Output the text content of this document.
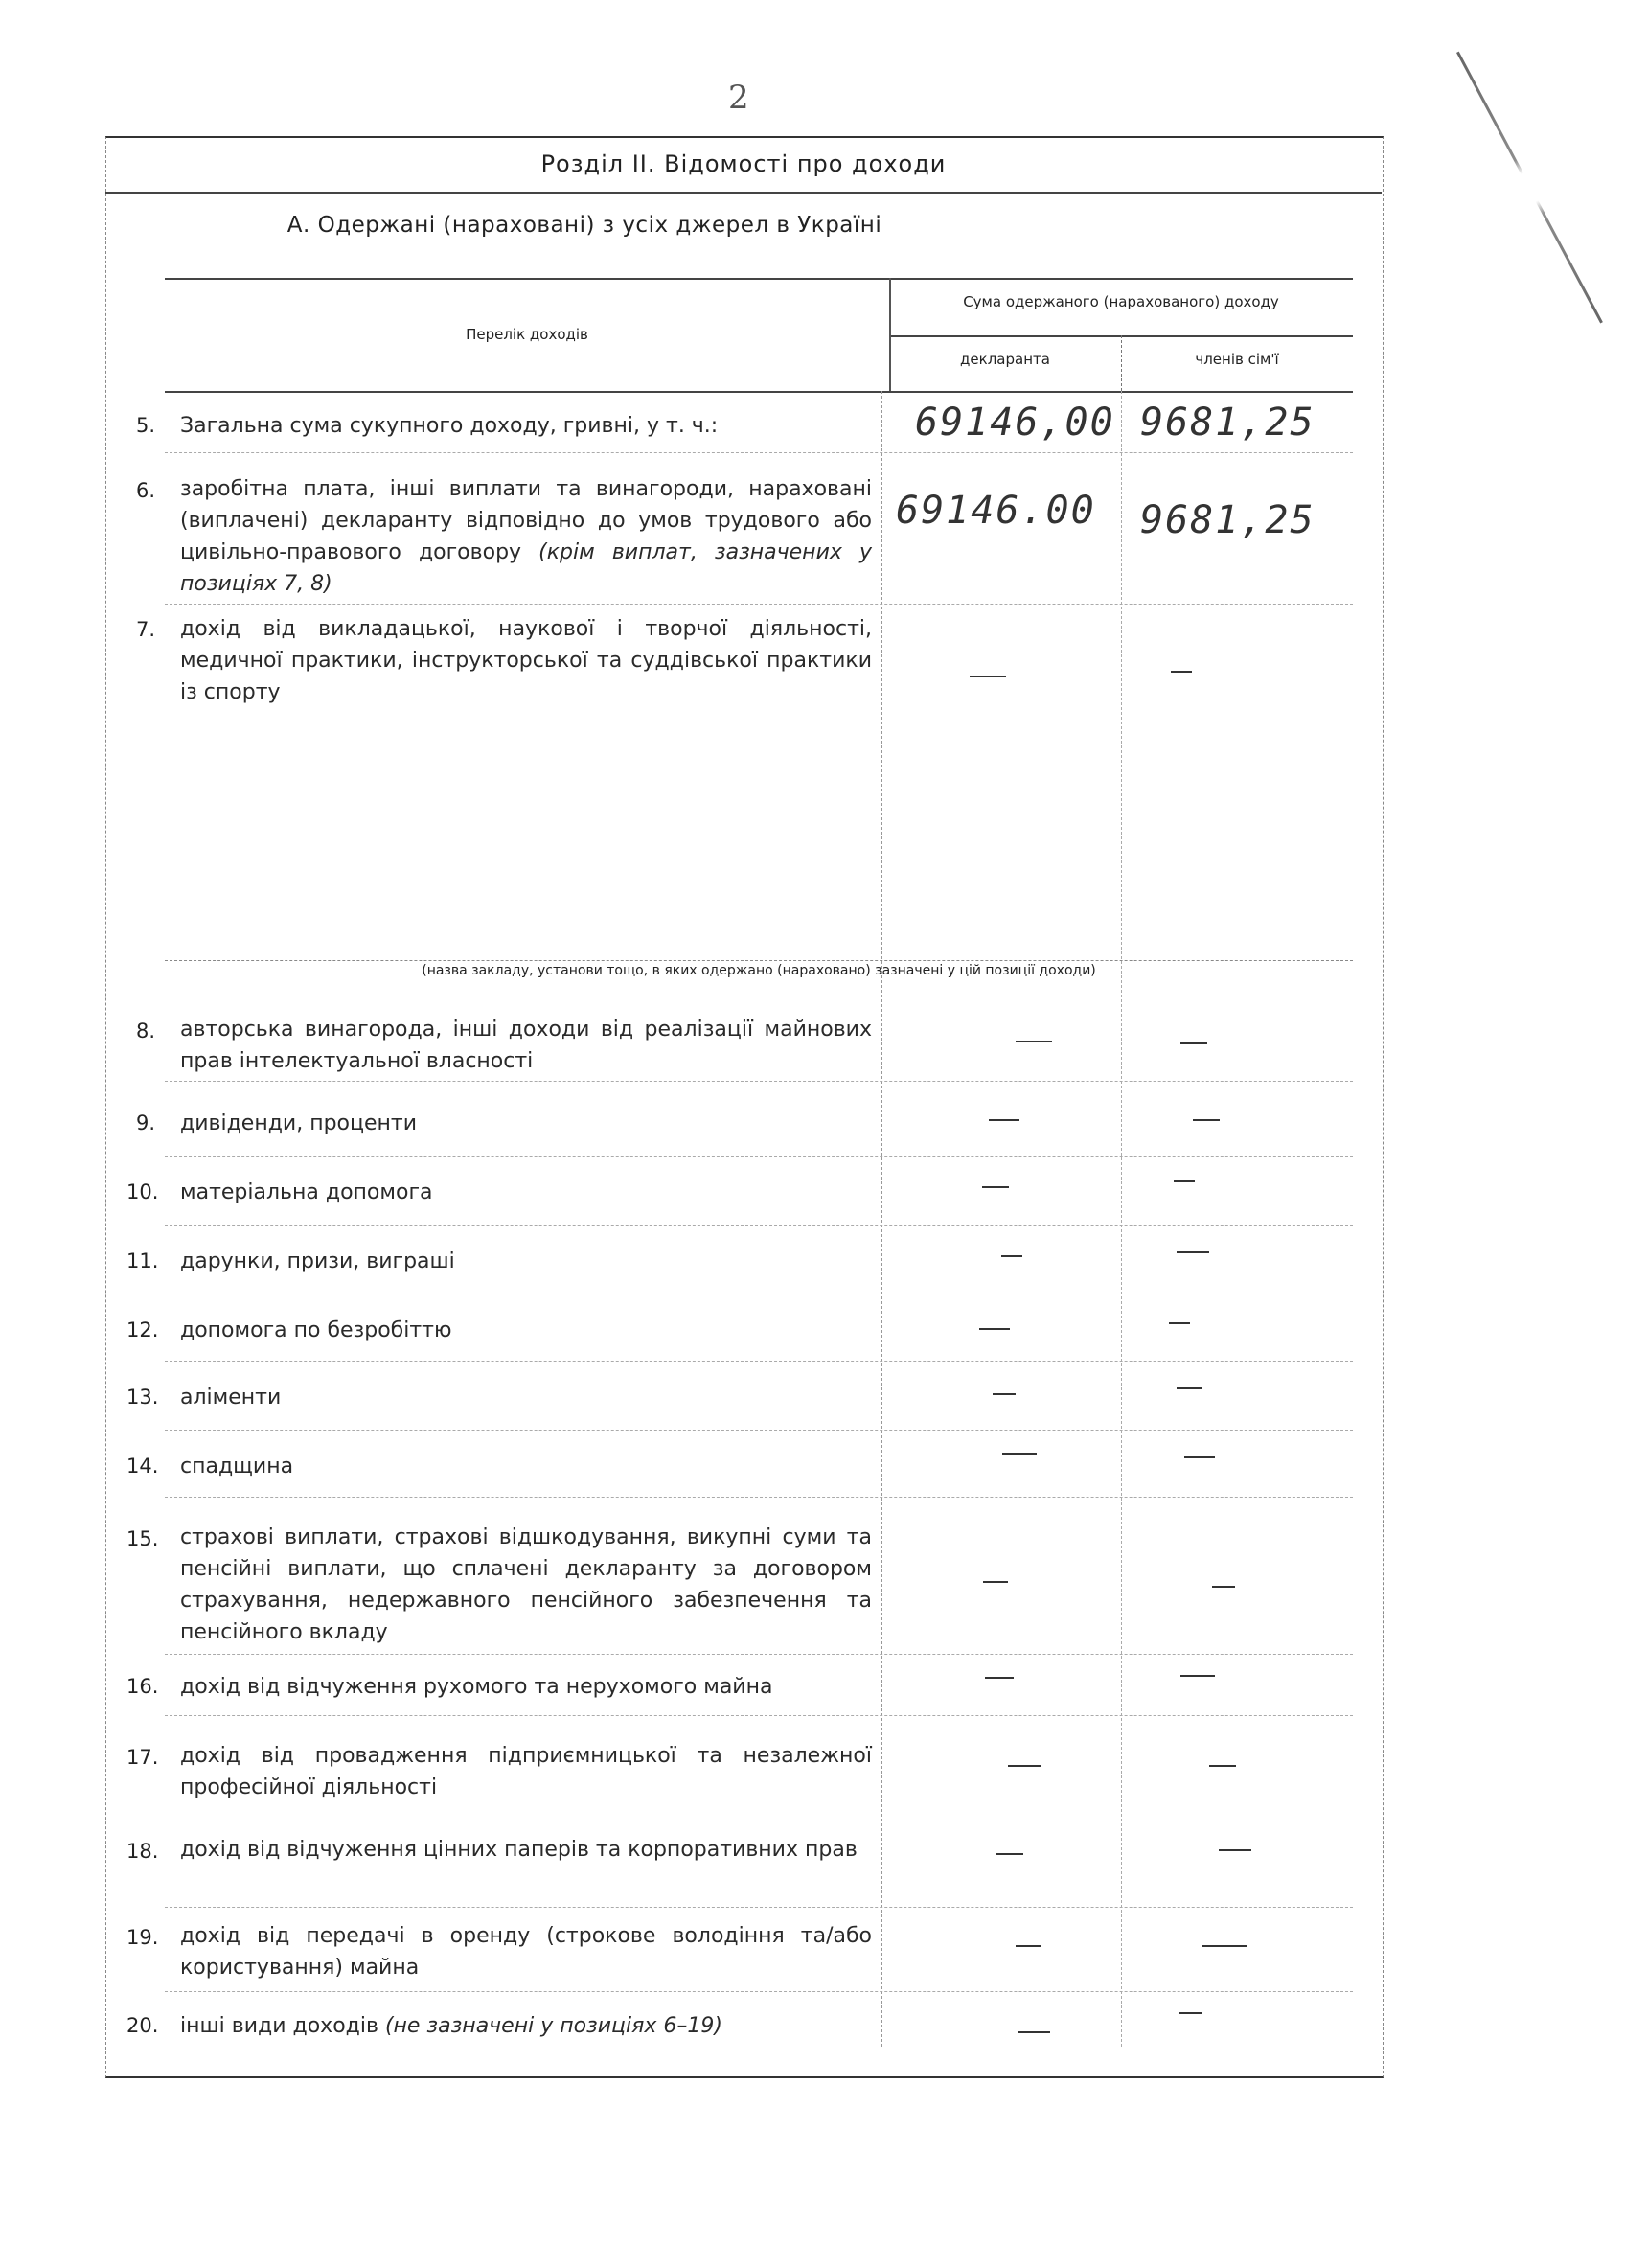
2
Розділ ІІ. Відомості про доходи
А. Одержані (нараховані) з усіх джерел в Україні
Перелік доходів
Сума одержаного (нарахованого) доходу
декларанта	членів сім'ї
5. Загальна сума сукупного доходу, гривні, у т. ч.:	69146,00 9681,25
6. заробітна плата, інші виплати та винагороди, нараховані (виплачені) декларанту відповідно до умов трудового або цивільно-правового договору (крім виплат, зазначених у позиціях 7, 8)
69146.00 9681,25
7. дохід від викладацької, наукової і творчої діяльності, медичної практики, інструкторської та суддівської практики із спорту
(назва закладу, установи тощо, в яких одержано (нараховано) зазначені у цій позиції доходи)
8. авторська винагорода, інші доходи від реалізації майнових прав інтелектуальної власності
9. дивіденди, проценти
10. матеріальна допомога
11. дарунки, призи, виграші
12. допомога по безробіттю
13. аліменти
14. спадщина
15. страхові виплати, страхові відшкодування, викупні суми та пенсійні виплати, що сплачені декларанту за договором страхування, недержавного пенсійного забезпечення та пенсійного вкладу
16. дохід від відчуження рухомого та нерухомого майна
17. дохід від провадження підприємницької та незалежної професійної діяльності
18. дохід від відчуження цінних паперів та корпоративних прав
19. дохід від передачі в оренду (строкове володіння та/або користування) майна
20. інші види доходів (не зазначені у позиціях 6–19)
